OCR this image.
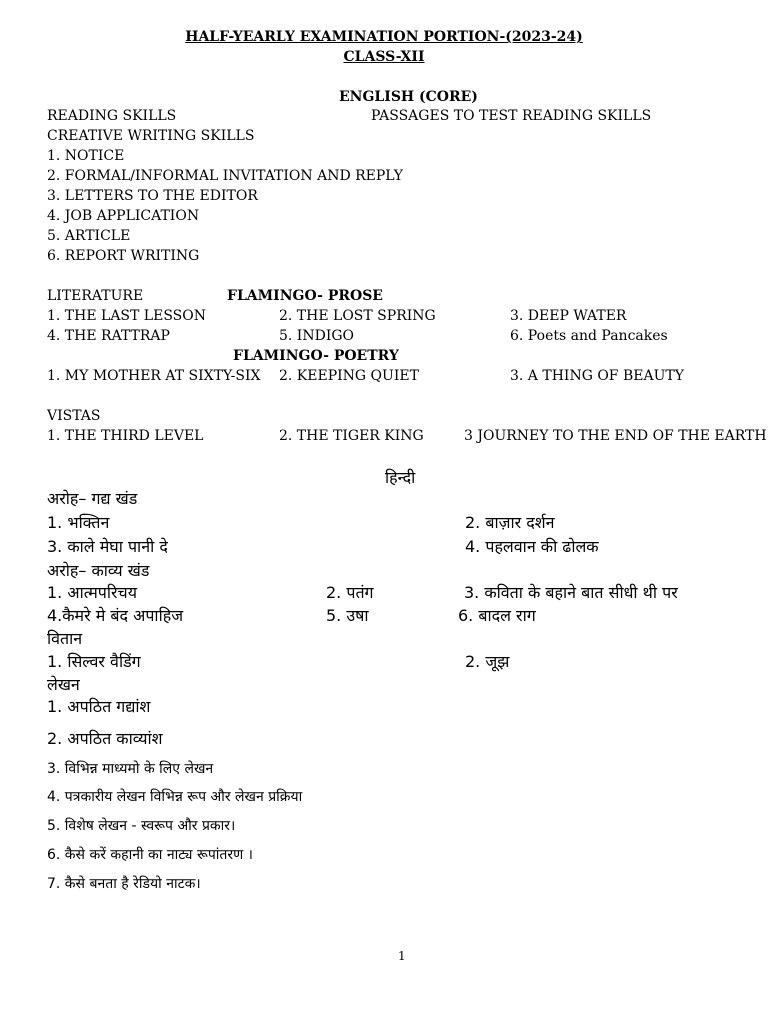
HALF-YEARLY EXAMINATION PORTION-(2023-24)
CLASS-XII
ENGLISH (CORE)
READING SKILLS	PASSAGES TO TEST READING SKILLS
CREATIVE WRITING SKILLS
1. NOTICE
2. FORMAL/INFORMAL INVITATION AND REPLY
3. LETTERS TO THE EDITOR
4. JOB APPLICATION
5. ARTICLE
6. REPORT WRITING
LITERATURE	FLAMINGO- PROSE
1. THE LAST LESSON	2. THE LOST SPRING	3. DEEP WATER
4. THE RATTRAP	5. INDIGO	6. Poets and Pancakes
FLAMINGO- POETRY
1. MY MOTHER AT SIXTY-SIX 2. KEEPING QUIET	3. A THING OF BEAUTY
VISTAS
1. THE THIRD LEVEL	2. THE TIGER KING	3 JOURNEY TO THE END OF THE EARTH
हिन्दी
अरोह– गद्य खंड
1. भक्तिन	2. बाज़ार दर्शन
3. काले मेघा पानी दे	4. पहलवान की ढोलक
अरोह– काव्य खंड
1. आत्मपरिचय	2. पतंग	3. कविता के बहाने बात सीधी थी पर
4.कैमरे मे बंद अपाहिज	5. उषा	6. बादल राग
वितान
1. सिल्वर वैडिंग	2. जूझ
लेखन
1. अपठित गद्यांश
2. अपठित काव्यांश
3. विभिन्न माध्यमो के लिए लेखन
4. पत्रकारीय लेखन विभिन्न रूप और लेखन प्रक्रिया
5. विशेष लेखन - स्वरूप और प्रकार।
6. कैसे करें कहानी का नाट्य रूपांतरण ।
7. कैसे बनता है रेडियो नाटक।
1
